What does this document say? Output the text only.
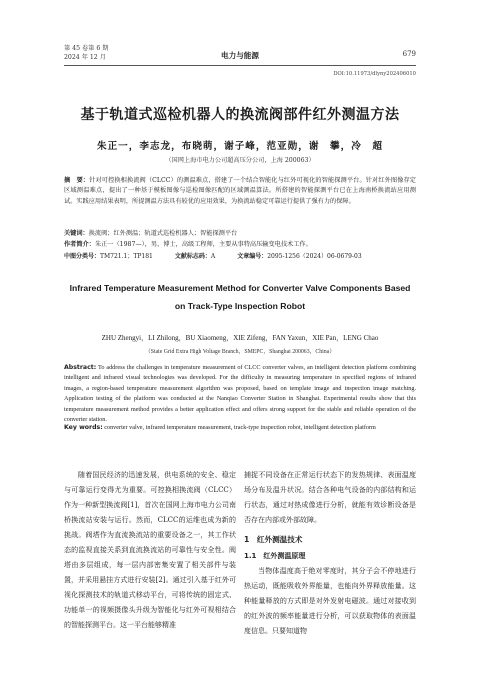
第 45 卷第 6 期
2024 年 12 月	电力与能源	679
DOI:10.11973/dlyny202406010
基于轨道式巡检机器人的换流阀部件红外测温方法
朱正一，李志龙，布晓萌，谢子峰，范亚勋，谢　攀，冷　超
（国网上海市电力公司超高压分公司，上海 200063）
摘　要：针对可控换相换流阀（CLCC）的测温难点，搭建了一个结合智能化与红外可视化的智能探测平台。针对红外图像存定区域测温难点，提出了一种基于模板图像与巡检图像匹配的区域测温算法。所搭建的智能探测平台已在上海南桥换流站应用测试。实践应用结果表明，所提测温方法具有较优的应用效果，为换流站稳定可靠运行提供了强有力的保障。
关键词：换流阀；红外测温；轨道式巡检机器人；智能探测平台
作者简介：朱正一（1987—），男，博士，高级工程师，主要从事特高压输变电技术工作。
中图分类号：TM721.1；TP181	文献标志码：A	文章编号：2095-1256（2024）06-0679-03
Infrared Temperature Measurement Method for Converter Valve Components Based on Track-Type Inspection Robot
ZHU Zhengyi，LI Zhilong，BU Xiaomeng，XIE Zifeng，FAN Yaxun，XIE Pan，LENG Chao
（State Grid Extra High Voltage Branch，SMEPC，Shanghai 200063，China）
Abstract: To address the challenges in temperature measurement of CLCC converter valves, an intelligent detection platform combining intelligent and infrared visual technologies was developed. For the difficulty in measuring temperature in specified regions of infrared images, a region-based temperature measurement algorithm was proposed, based on template image and inspection image matching. Application testing of the platform was conducted at the Nanqiao Converter Station in Shanghai. Experimental results show that this temperature measurement method provides a better application effect and offers strong support for the stable and reliable operation of the converter station.
Key words: converter valve, infrared temperature measurement, track-type inspection robot, intelligent detection platform

随着国民经济的迅速发展，供电系统的安全、稳定与可靠运行变得尤为重要。可控换相换流阀（CLCC）作为一种新型换流阀[1]，首次在国网上海市电力公司南桥换流站安装与运行。然而，CLCC的运维也成为新的挑战。阀塔作为直流换流站的重要设备之一，其工作状态的监视直接关系到直流换流站的可靠性与安全性。阀塔由多层组成，每一层内部密集安置了相关部件与装置，并采用悬挂方式进行安装[2]。通过引入基于红外可视化探测技术的轨道式移动平台，可将传统的固定式、功能单一的视频摄像头升级为智能化与红外可视相结合的智能探测平台。这一平台能够精准

捕捉不同设备在正常运行状态下的发热规律、表面温度场分布及温升状况。结合各种电气设备的内部结构和运行状态，通过对热成像进行分析，就能有效诊断设备是否存在内部或外部故障。

1　红外测温技术
1.1　红外测温原理

当物体温度高于绝对零度时，其分子会不停地进行热运动，既能吸收外界能量，也能向外界释放能量。这种能量释放的方式即是对外发射电磁波。通过对接收到的红外波的频率能量进行分析，可以获取物体的表面温度信息。只要知道物
